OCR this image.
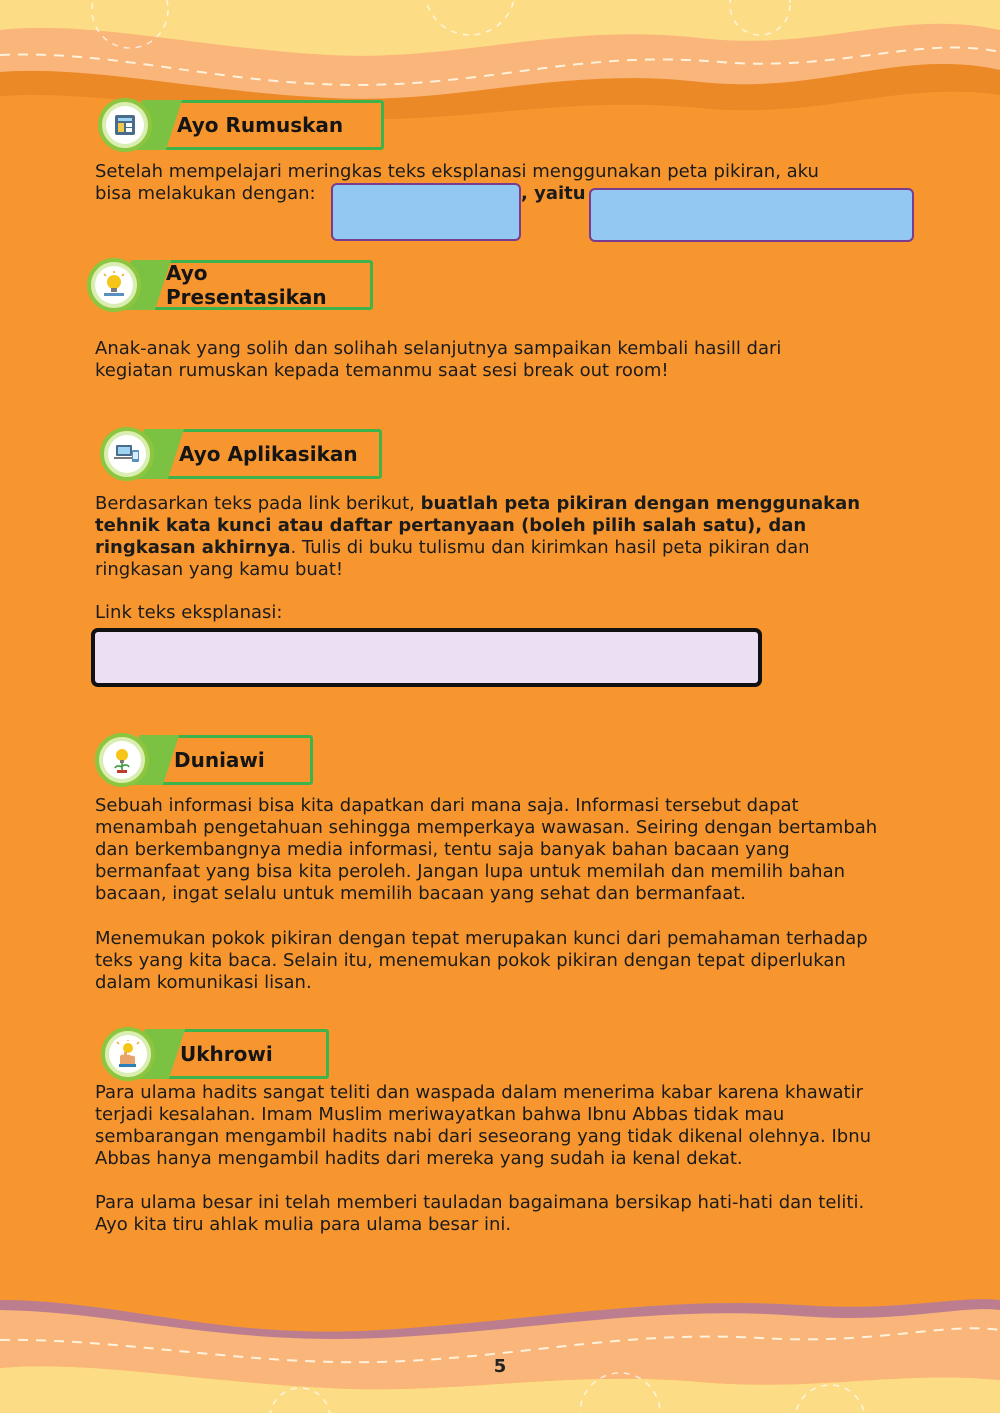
Ayo Rumuskan
Setelah mempelajari meringkas teks eksplanasi menggunakan peta pikiran, aku
bisa melakukan dengan:	, yaitu
Ayo Presentasikan
Anak-anak yang solih dan solihah selanjutnya sampaikan kembali hasill dari
kegiatan rumuskan kepada temanmu saat sesi break out room!
Ayo Aplikasikan
Berdasarkan teks pada link berikut, buatlah peta pikiran dengan menggunakan tehnik kata kunci atau daftar pertanyaan (boleh pilih salah satu), dan ringkasan akhirnya. Tulis di buku tulismu dan kirimkan hasil peta pikiran dan ringkasan yang kamu buat!
Link teks eksplanasi:
Duniawi
Sebuah informasi bisa kita dapatkan dari mana saja. Informasi tersebut dapat menambah pengetahuan sehingga memperkaya wawasan. Seiring dengan bertambah dan berkembangnya media informasi, tentu saja banyak bahan bacaan yang bermanfaat yang bisa kita peroleh. Jangan lupa untuk memilah dan memilih bahan bacaan, ingat selalu untuk memilih bacaan yang sehat dan bermanfaat.
Menemukan pokok pikiran dengan tepat merupakan kunci dari pemahaman terhadap teks yang kita baca. Selain itu, menemukan pokok pikiran dengan tepat diperlukan dalam komunikasi lisan.
Ukhrowi
Para ulama hadits sangat teliti dan waspada dalam menerima kabar karena khawatir terjadi kesalahan. Imam Muslim meriwayatkan bahwa Ibnu Abbas tidak mau sembarangan mengambil hadits nabi dari seseorang yang tidak dikenal olehnya. Ibnu Abbas hanya mengambil hadits dari mereka yang sudah ia kenal dekat.
Para ulama besar ini telah memberi tauladan bagaimana bersikap hati-hati dan teliti. Ayo kita tiru ahlak mulia para ulama besar ini.
5
